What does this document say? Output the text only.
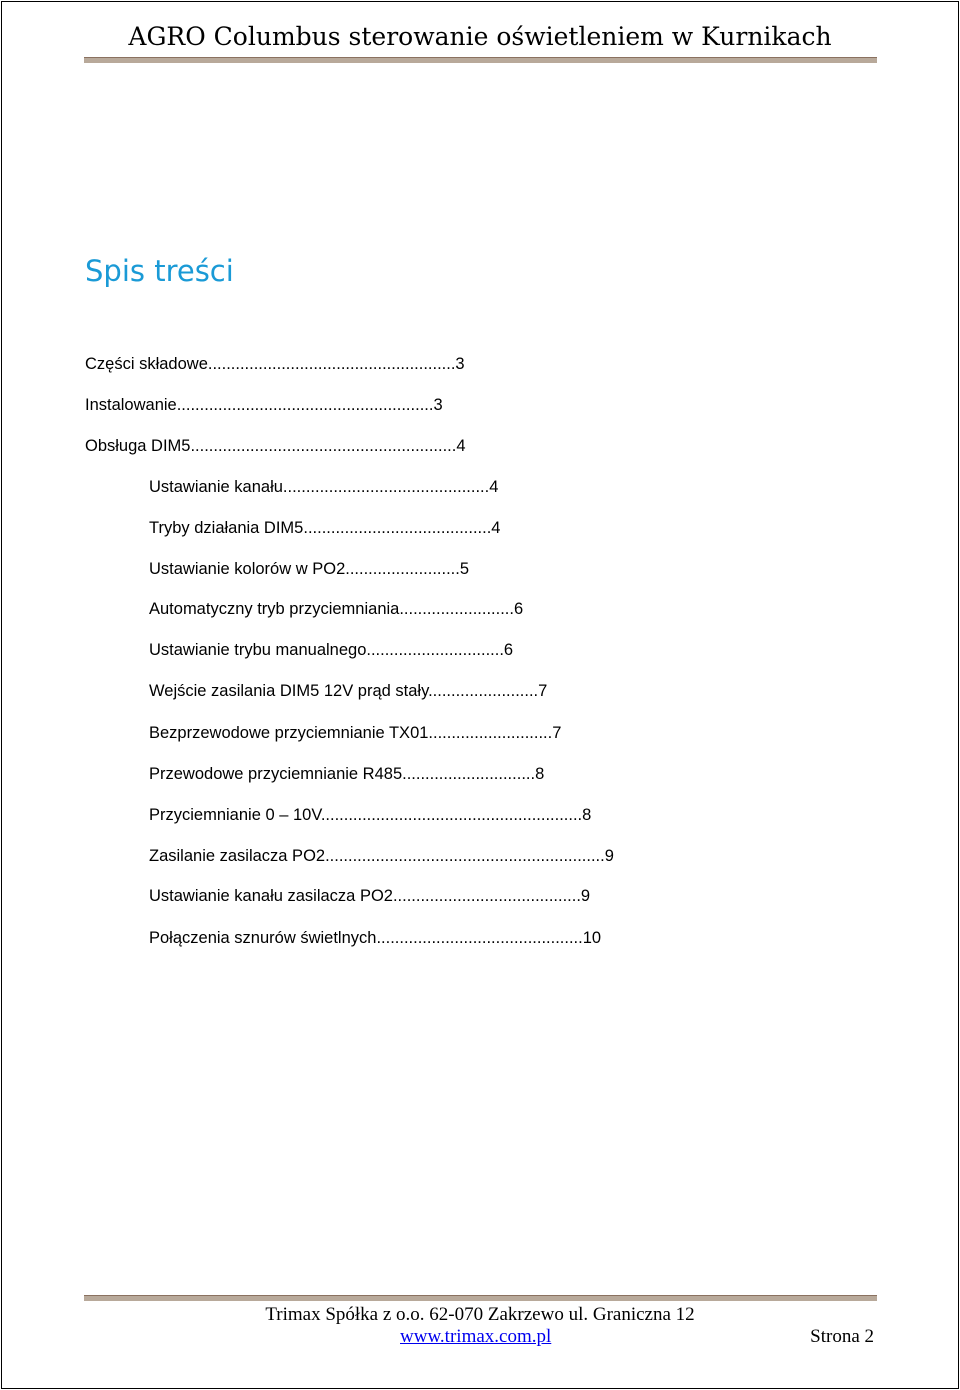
AGRO Columbus sterowanie oświetleniem w Kurnikach
Spis treści
Części składowe......................................................3
Instalowanie........................................................3
Obsługa DIM5..........................................................4
Ustawianie kanału.............................................4
Tryby działania DIM5.........................................4
Ustawianie kolorów w PO2.........................5
Automatyczny tryb przyciemniania.........................6
Ustawianie trybu manualnego..............................6
Wejście zasilania DIM5 12V prąd stały........................7
Bezprzewodowe przyciemnianie TX01...........................7
Przewodowe przyciemnianie R485.............................8
Przyciemnianie 0 – 10V.........................................................8
Zasilanie zasilacza PO2.............................................................9
Ustawianie kanału zasilacza PO2.........................................9
Połączenia sznurów świetlnych.............................................10
Trimax Spółka z o.o. 62-070 Zakrzewo ul. Graniczna 12
www.trimax.com.pl	Strona 2
